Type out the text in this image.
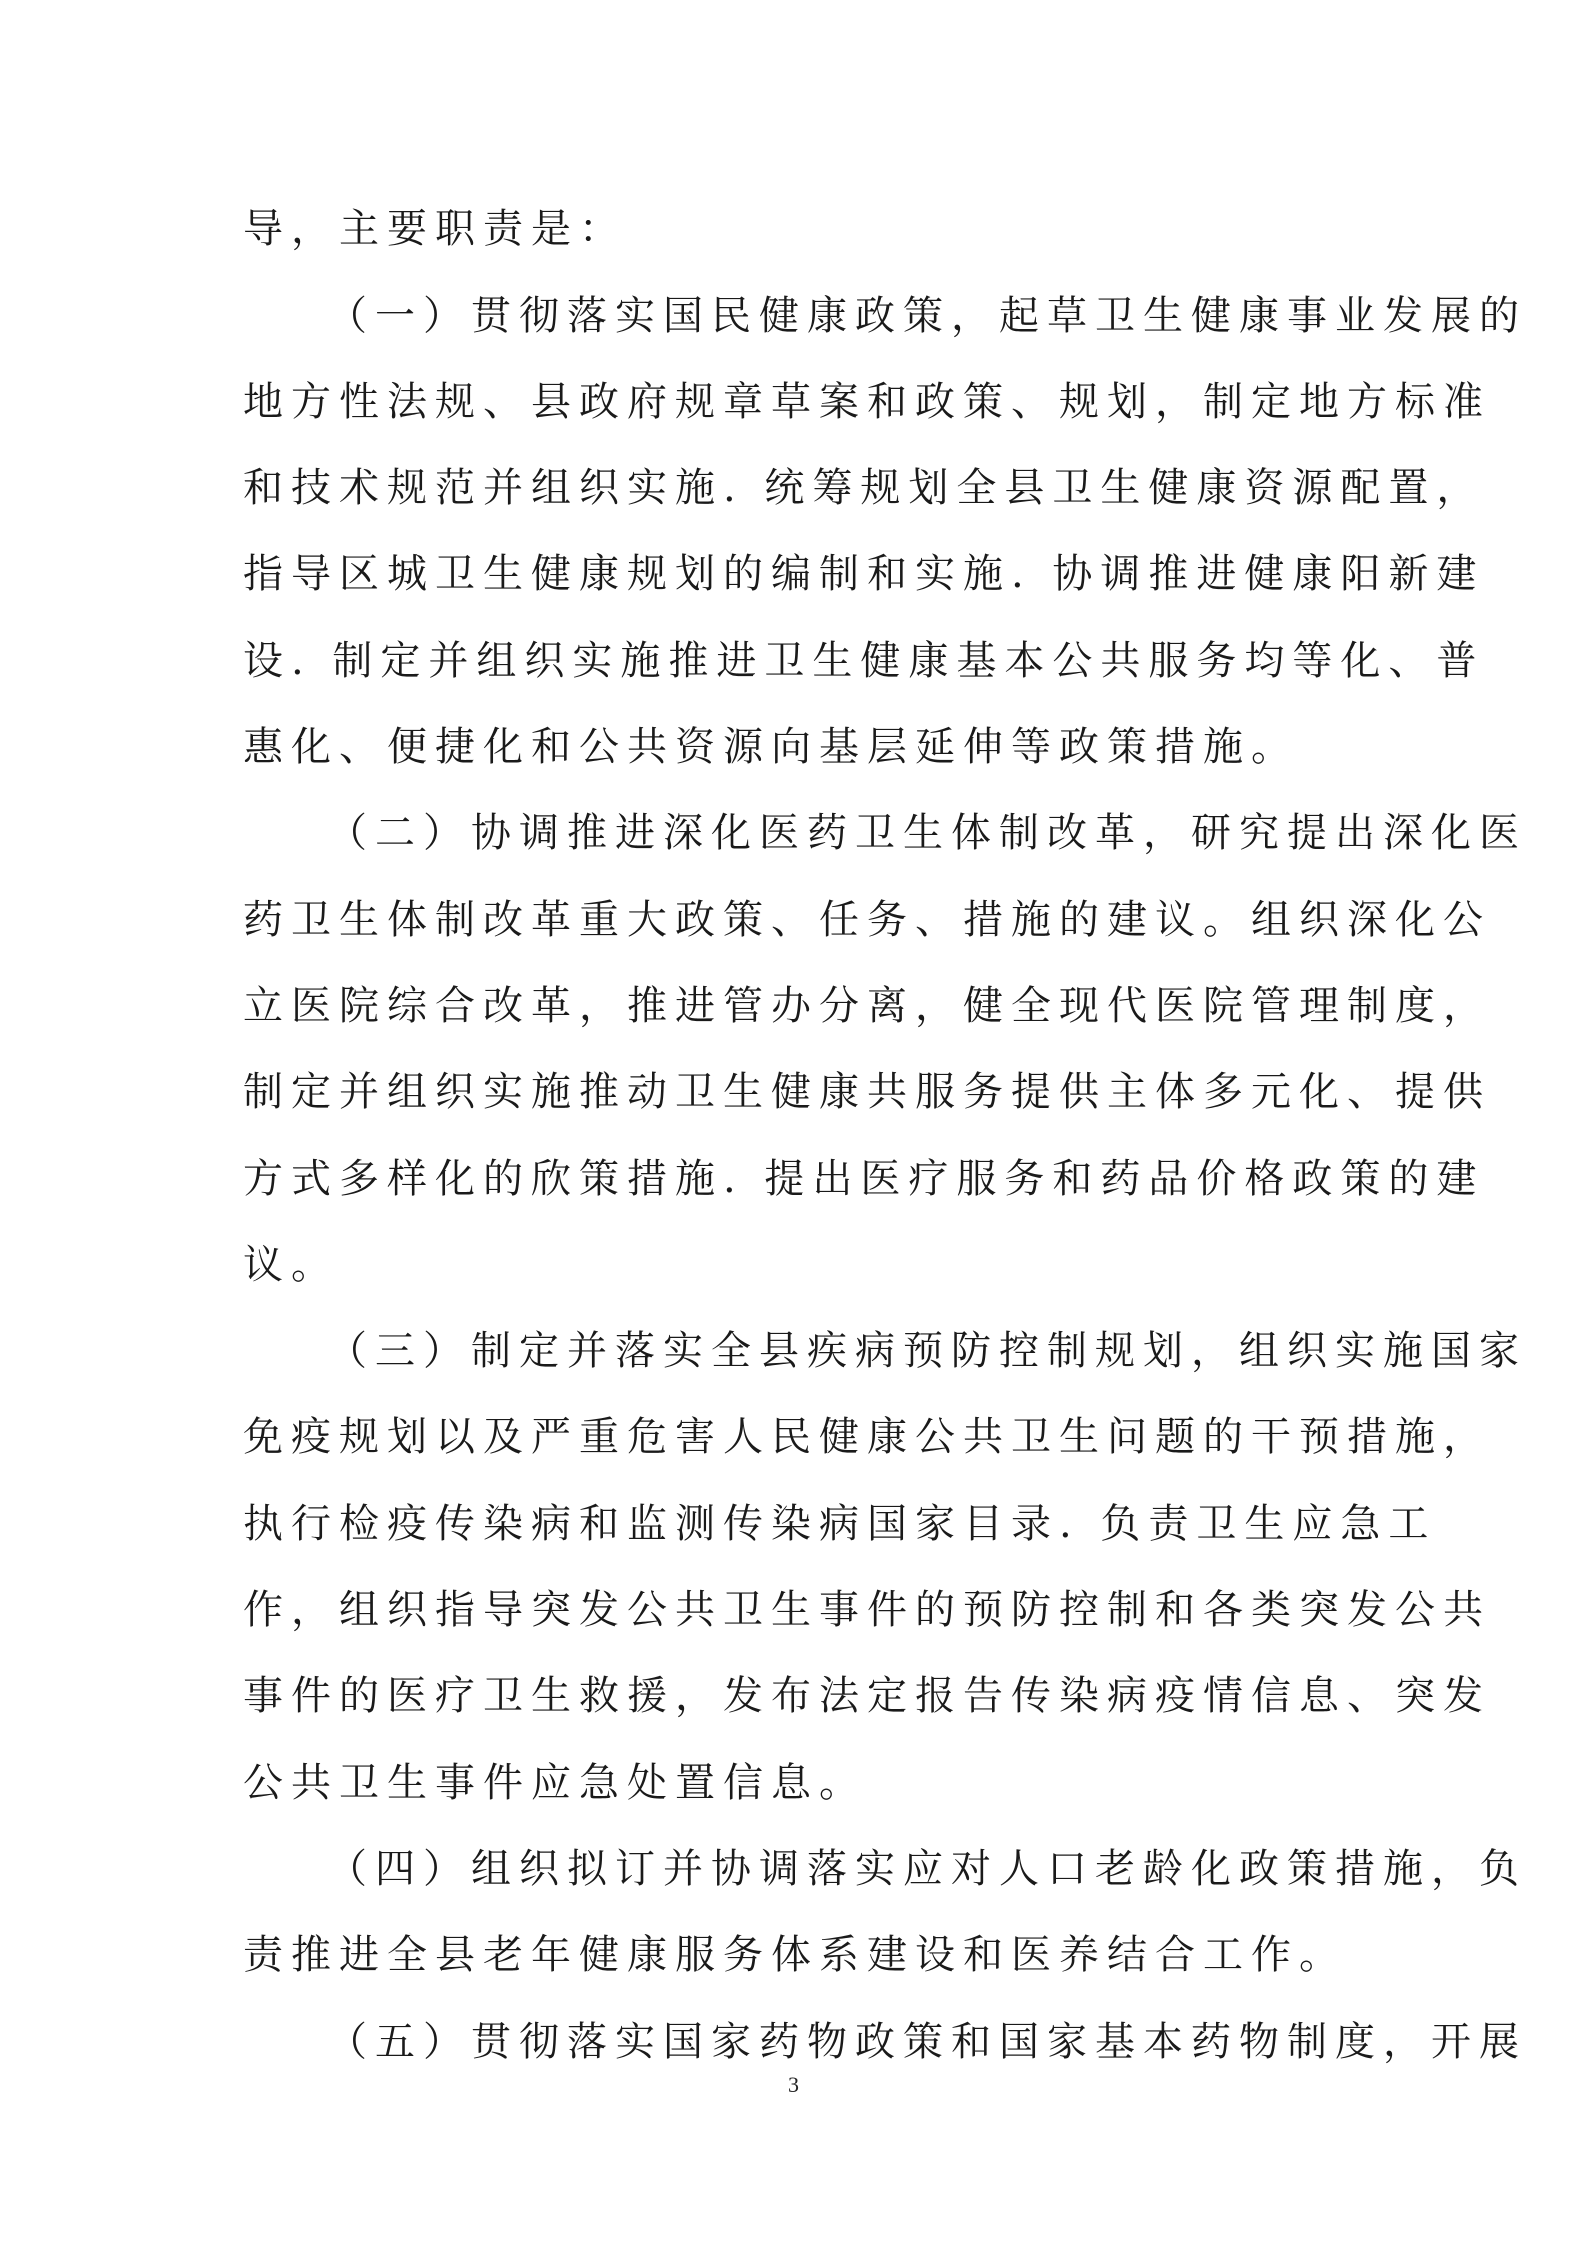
导，主要职责是：
（一）贯彻落实国民健康政策，起草卫生健康事业发展的
地方性法规、县政府规章草案和政策、规划，制定地方标准
和技术规范并组织实施. 统筹规划全县卫生健康资源配置，
指导区城卫生健康规划的编制和实施. 协调推进健康阳新建
设. 制定并组织实施推进卫生健康基本公共服务均等化、普
惠化、便捷化和公共资源向基层延伸等政策措施。
（二）协调推进深化医药卫生体制改革，研究提出深化医
药卫生体制改革重大政策、任务、措施的建议。组织深化公
立医院综合改革，推进管办分离，健全现代医院管理制度，
制定并组织实施推动卫生健康共服务提供主体多元化、提供
方式多样化的欣策措施. 提出医疗服务和药品价格政策的建
议。
（三）制定并落实全县疾病预防控制规划，组织实施国家
免疫规划以及严重危害人民健康公共卫生问题的干预措施，
执行检疫传染病和监测传染病国家目录. 负责卫生应急工
作，组织指导突发公共卫生事件的预防控制和各类突发公共
事件的医疗卫生救援，发布法定报告传染病疫情信息、突发
公共卫生事件应急处置信息。
（四）组织拟订并协调落实应对人口老龄化政策措施，负
责推进全县老年健康服务体系建设和医养结合工作。
（五）贯彻落实国家药物政策和国家基本药物制度，开展
3
